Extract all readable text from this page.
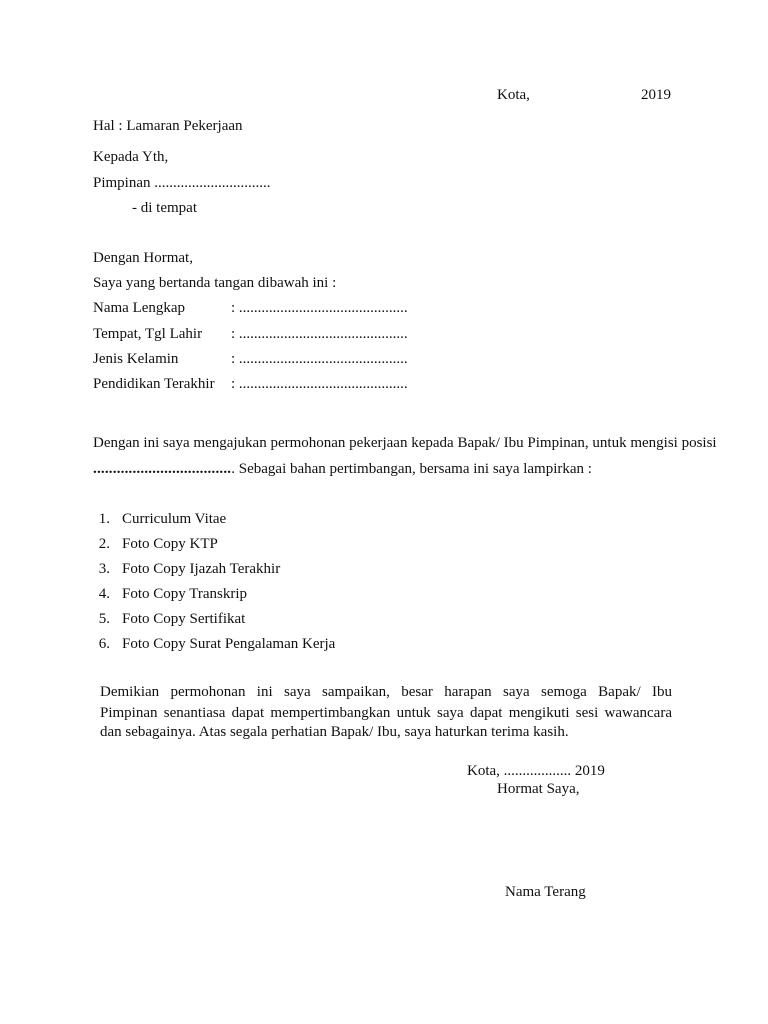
Kota,	2019
Hal : Lamaran Pekerjaan
Kepada Yth,
Pimpinan ...............................
- di tempat
Dengan Hormat,
Saya yang bertanda tangan dibawah ini :
Nama Lengkap	: .............................................
Tempat, Tgl Lahir : .............................................
Jenis Kelamin	: .............................................
Pendidikan Terakhir : .............................................
Dengan ini saya mengajukan permohonan pekerjaan kepada Bapak/ Ibu Pimpinan, untuk mengisi posisi
.................................... Sebagai bahan pertimbangan, bersama ini saya lampirkan :
1. Curriculum Vitae
2. Foto Copy KTP
3. Foto Copy Ijazah Terakhir
4. Foto Copy Transkrip
5. Foto Copy Sertifikat
6. Foto Copy Surat Pengalaman Kerja
Demikian permohonan ini saya sampaikan, besar harapan saya semoga Bapak/ Ibu
Pimpinan senantiasa dapat mempertimbangkan untuk saya dapat mengikuti sesi wawancara
dan sebagainya. Atas segala perhatian Bapak/ Ibu, saya haturkan terima kasih.
Kota, .................. 2019
Hormat Saya,
Nama Terang
